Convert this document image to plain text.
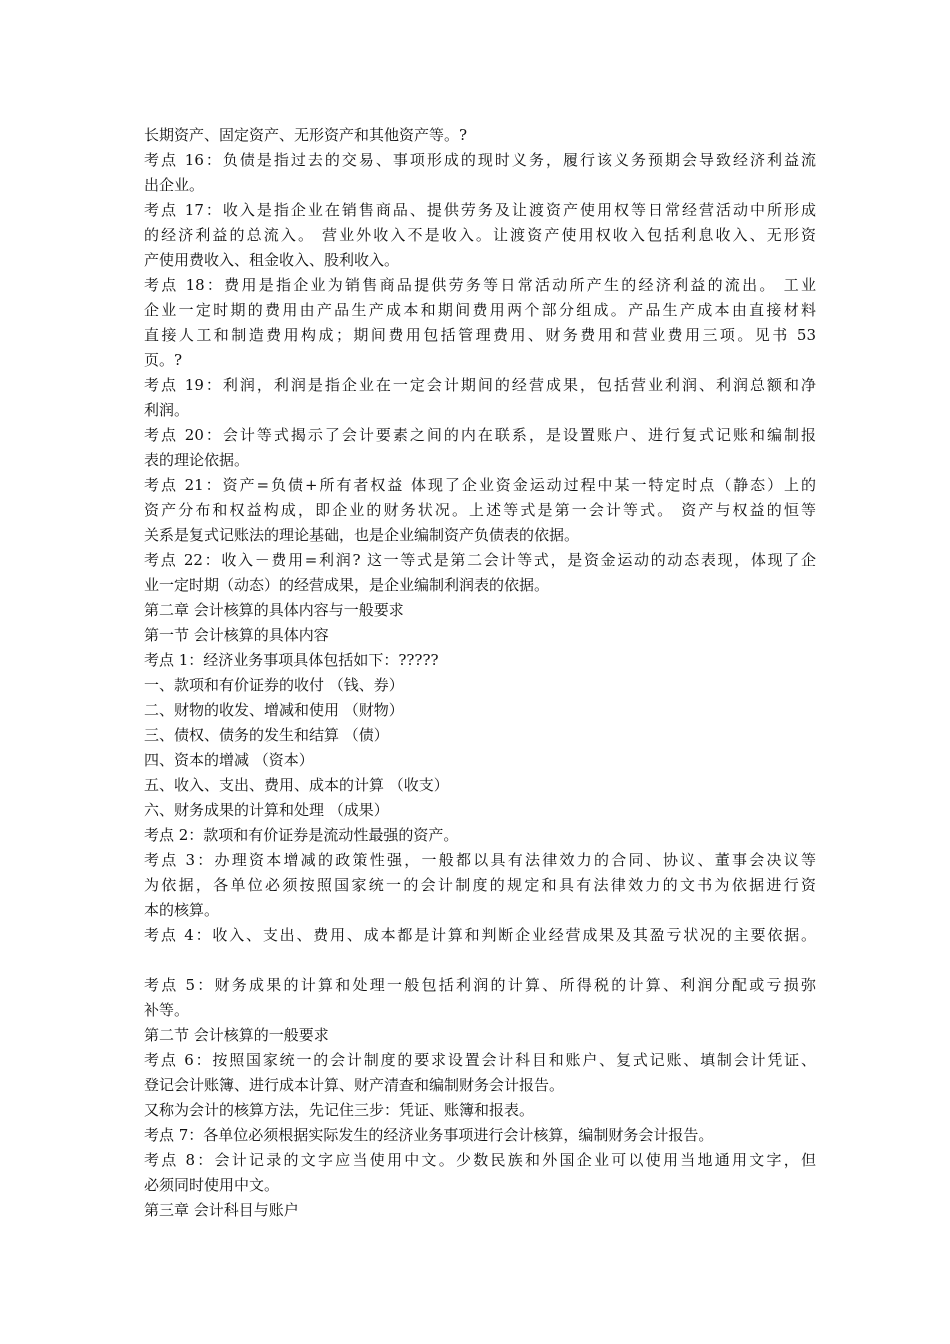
长期资产、固定资产、无形资产和其他资产等。?
考点 16：负债是指过去的交易、事项形成的现时义务，履行该义务预期会导致经济利益流
出企业。
考点 17：收入是指企业在销售商品、提供劳务及让渡资产使用权等日常经营活动中所形成
的经济利益的总流入。 营业外收入不是收入。让渡资产使用权收入包括利息收入、无形资
产使用费收入、租金收入、股利收入。
考点 18：费用是指企业为销售商品提供劳务等日常活动所产生的经济利益的流出。 工业
企业一定时期的费用由产品生产成本和期间费用两个部分组成。产品生产成本由直接材料
直接人工和制造费用构成；期间费用包括管理费用、财务费用和营业费用三项。见书 53
页。?
考点 19：利润，利润是指企业在一定会计期间的经营成果，包括营业利润、利润总额和净
利润。
考点 20：会计等式揭示了会计要素之间的内在联系，是设置账户、进行复式记账和编制报
表的理论依据。
考点 21：资产=负债+所有者权益 体现了企业资金运动过程中某一特定时点（静态）上的
资产分布和权益构成，即企业的财务状况。上述等式是第一会计等式。 资产与权益的恒等
关系是复式记账法的理论基础，也是企业编制资产负债表的依据。
考点 22：收入－费用=利润? 这一等式是第二会计等式，是资金运动的动态表现，体现了企
业一定时期（动态）的经营成果，是企业编制利润表的依据。
第二章 会计核算的具体内容与一般要求
第一节 会计核算的具体内容
考点 1：经济业务事项具体包括如下：?????
一、款项和有价证券的收付 （钱、券）
二、财物的收发、增减和使用 （财物）
三、债权、债务的发生和结算 （债）
四、资本的增减 （资本）
五、收入、支出、费用、成本的计算 （收支）
六、财务成果的计算和处理 （成果）
考点 2：款项和有价证券是流动性最强的资产。
考点 3：办理资本增减的政策性强，一般都以具有法律效力的合同、协议、董事会决议等
为依据，各单位必须按照国家统一的会计制度的规定和具有法律效力的文书为依据进行资
本的核算。
考点 4：收入、支出、费用、成本都是计算和判断企业经营成果及其盈亏状况的主要依据。
考点 5：财务成果的计算和处理一般包括利润的计算、所得税的计算、利润分配或亏损弥
补等。
第二节 会计核算的一般要求
考点 6：按照国家统一的会计制度的要求设置会计科目和账户、复式记账、填制会计凭证、
登记会计账簿、进行成本计算、财产清查和编制财务会计报告。
又称为会计的核算方法，先记住三步：凭证、账簿和报表。
考点 7：各单位必须根据实际发生的经济业务事项进行会计核算，编制财务会计报告。
考点 8：会计记录的文字应当使用中文。少数民族和外国企业可以使用当地通用文字，但
必须同时使用中文。
第三章 会计科目与账户
